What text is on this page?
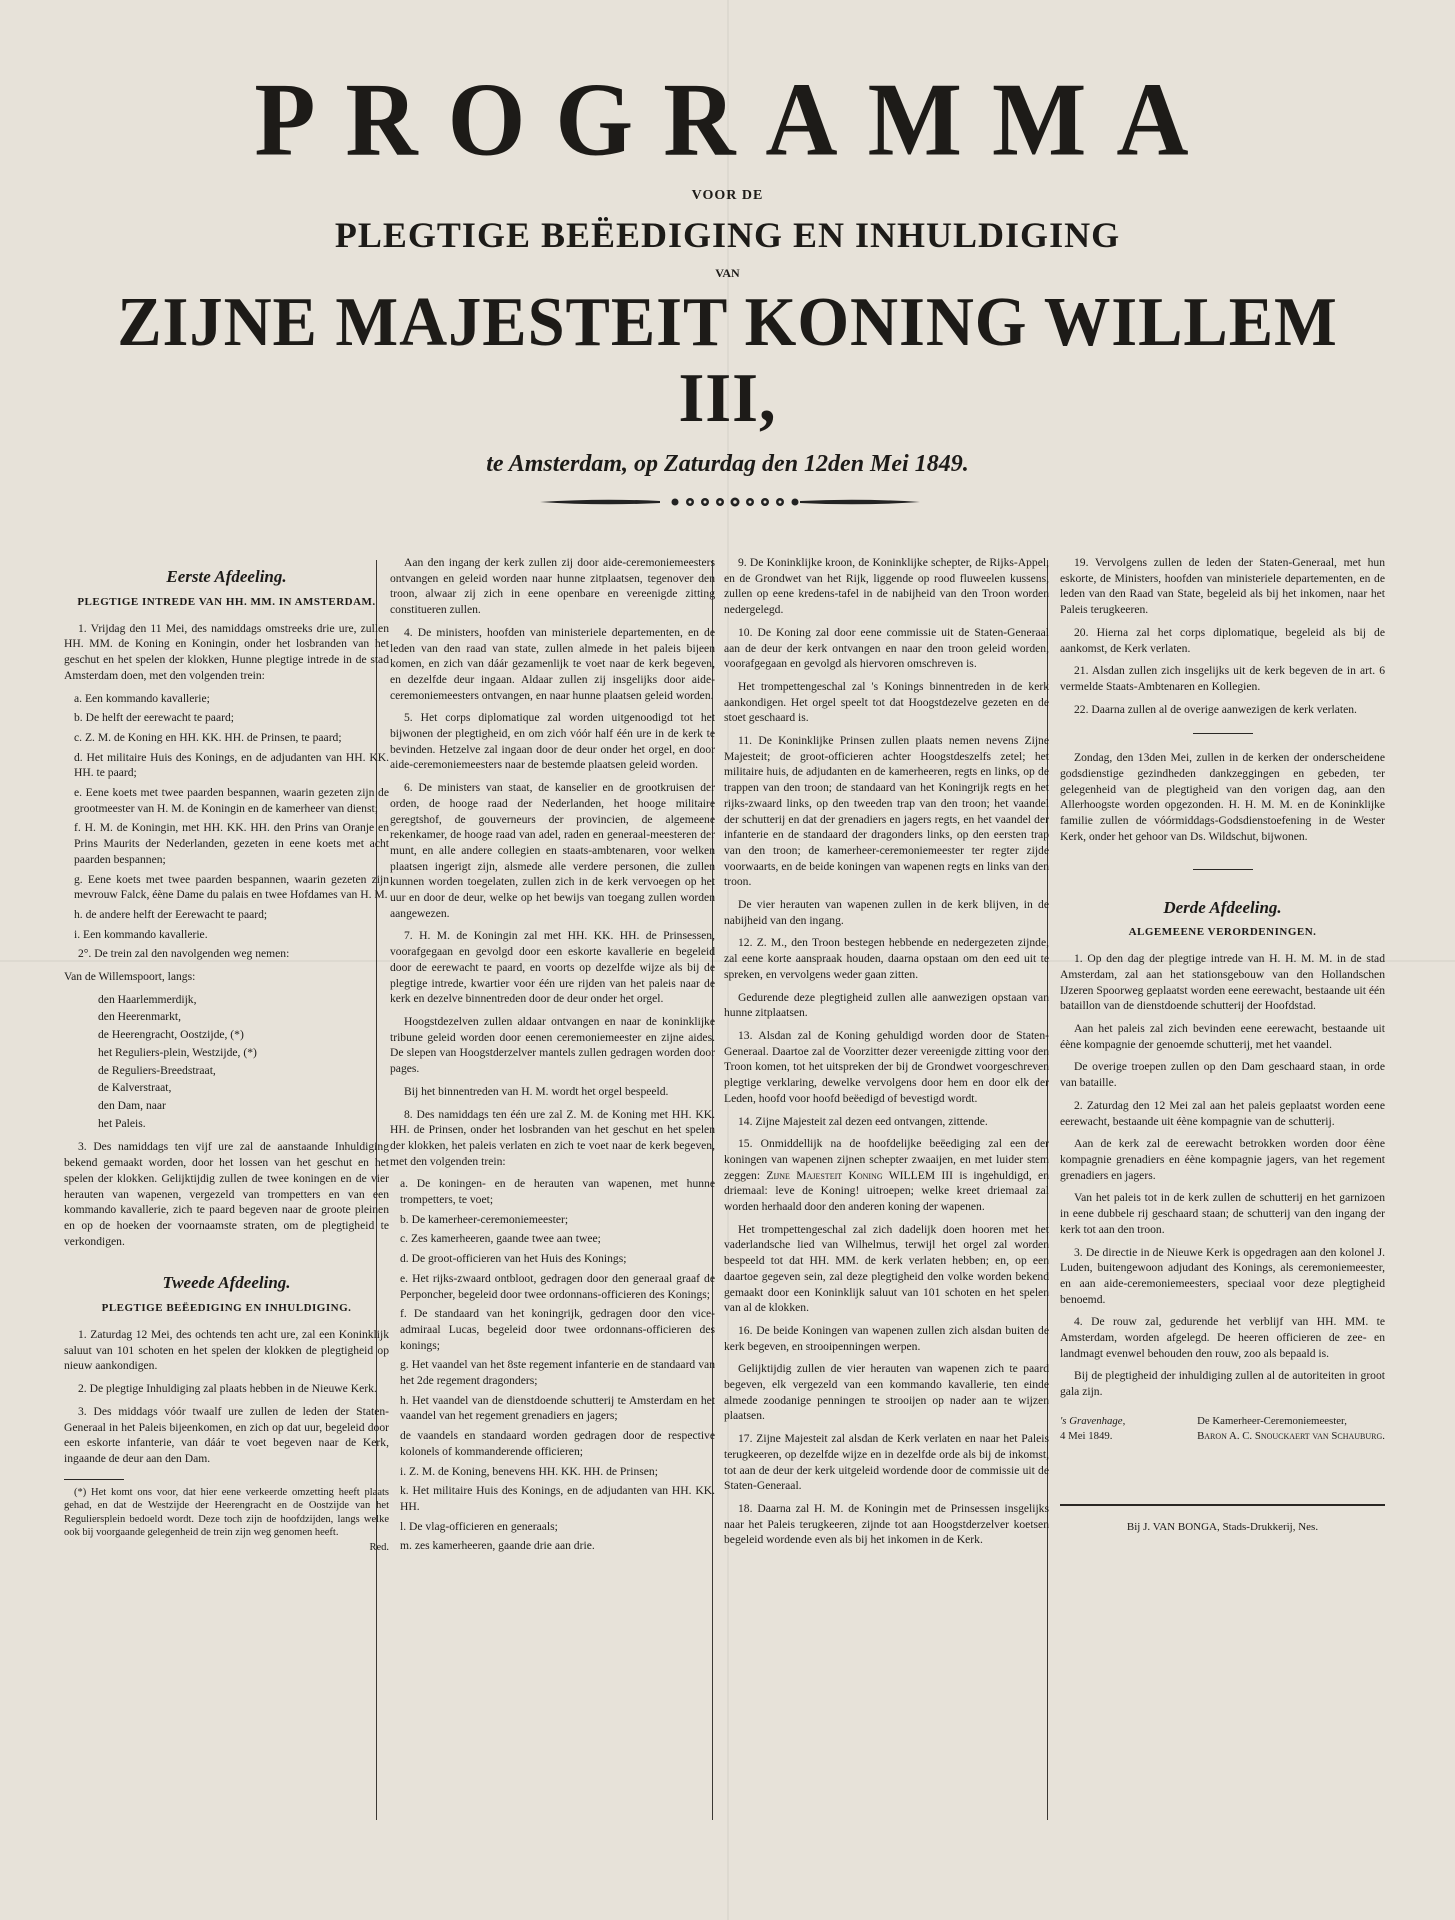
PROGRAMMA
VOOR DE
PLEGTIGE BEËEDIGING EN INHULDIGING
VAN
ZIJNE MAJESTEIT KONING WILLEM III,
te Amsterdam, op Zaturdag den 12den Mei 1849.
Eerste Afdeeling.
PLEGTIGE INTREDE VAN HH. MM. IN AMSTERDAM.

1. Vrijdag den 11 Mei, des namiddags omstreeks drie ure, zullen HH. MM. de Koning en Koningin, onder het losbranden van het geschut en het spelen der klokken, Hunne plegtige intrede in de stad Amsterdam doen, met den volgenden trein:

a. Een kommando kavallerie;
b. De helft der eerewacht te paard;
c. Z. M. de Koning en HH. KK. HH. de Prinsen, te paard;
d. Het militaire Huis des Konings, en de adjudanten van HH. KK. HH. te paard;
e. Eene koets met twee paarden bespannen, waarin gezeten zijn de grootmeester van H. M. de Koningin en de kamerheer van dienst;
f. H. M. de Koningin, met HH. KK. HH. den Prins van Oranje en Prins Maurits der Nederlanden, gezeten in eene koets met acht paarden bespannen;
g. Eene koets met twee paarden bespannen, waarin gezeten zijn mevrouw Falck, éène Dame du palais en twee Hofdames van H. M.
h. de andere helft der Eerewacht te paard;
i. Een kommando kavallerie.

2°. De trein zal den navolgenden weg nemen:

Van de Willemspoort, langs:

den Haarlemmerdijk,
den Heerenmarkt,
de Heerengracht, Oostzijde, (*)
het Reguliers-plein, Westzijde, (*)
de Reguliers-Breedstraat,
de Kalverstraat,
den Dam, naar
het Paleis.

3. Des namiddags ten vijf ure zal de aanstaande Inhuldiging bekend gemaakt worden, door het lossen van het geschut en het spelen der klokken. Gelijktijdig zullen de twee koningen en de vier herauten van wapenen, vergezeld van trompetters en van een kommando kavallerie, zich te paard begeven naar de groote pleinen en op de hoeken der voornaamste straten, om de plegtigheid te verkondigen.

Tweede Afdeeling.
PLEGTIGE BEËEDIGING EN INHULDIGING.

1. Zaturdag 12 Mei, des ochtends ten acht ure, zal een Koninklijk saluut van 101 schoten en het spelen der klokken de plegtigheid op nieuw aankondigen.

2. De plegtige Inhuldiging zal plaats hebben in de Nieuwe Kerk.

3. Des middags vóór twaalf ure zullen de leden der Staten-Generaal in het Paleis bijeenkomen, en zich op dat uur, begeleid door een eskorte infanterie, van dáár te voet begeven naar de Kerk, ingaande de deur aan den Dam.

(*) Het komt ons voor, dat hier eene verkeerde omzetting heeft plaats gehad, en dat de Westzijde der Heerengracht en de Oostzijde van het Reguliersplein bedoeld wordt. Deze toch zijn de hoofdzijden, langs welke ook bij voorgaande gelegenheid de trein zijn weg genomen heeft.

Red.

Aan den ingang der kerk zullen zij door aide-ceremoniemeesters ontvangen en geleid worden naar hunne zitplaatsen, tegenover den troon, alwaar zij zich in eene openbare en vereenigde zitting constitueren zullen.

4. De ministers, hoofden van ministeriele departementen, en de leden van den raad van state, zullen almede in het paleis bijeen komen, en zich van dáár gezamenlijk te voet naar de kerk begeven, en dezelfde deur ingaan. Aldaar zullen zij insgelijks door aide-ceremoniemeesters ontvangen, en naar hunne plaatsen geleid worden.

5. Het corps diplomatique zal worden uitgenoodigd tot het bijwonen der plegtigheid, en om zich vóór half één ure in de kerk te bevinden. Hetzelve zal ingaan door de deur onder het orgel, en door aide-ceremoniemeesters naar de bestemde plaatsen geleid worden.

6. De ministers van staat, de kanselier en de grootkruisen der orden, de hooge raad der Nederlanden, het hooge militaire geregtshof, de gouverneurs der provincien, de algemeene rekenkamer, de hooge raad van adel, raden en generaal-meesteren der munt, en alle andere collegien en staats-ambtenaren, voor welken plaatsen ingerigt zijn, alsmede alle verdere personen, die zullen kunnen worden toegelaten, zullen zich in de kerk vervoegen op het uur en door de deur, welke op het bewijs van toegang zullen worden aangewezen.

7. H. M. de Koningin zal met HH. KK. HH. de Prinsessen, voorafgegaan en gevolgd door een eskorte kavallerie en begeleid door de eerewacht te paard, en voorts op dezelfde wijze als bij de plegtige intrede, kwartier voor één ure rijden van het paleis naar de kerk en dezelve binnentreden door de deur onder het orgel.

Hoogstdezelven zullen aldaar ontvangen en naar de koninklijke tribune geleid worden door eenen ceremoniemeester en zijne aides. De slepen van Hoogstderzelver mantels zullen gedragen worden door pages.

Bij het binnentreden van H. M. wordt het orgel bespeeld.

8. Des namiddags ten één ure zal Z. M. de Koning met HH. KK. HH. de Prinsen, onder het losbranden van het geschut en het spelen der klokken, het paleis verlaten en zich te voet naar de kerk begeven, met den volgenden trein:

a. De koningen- en de herauten van wapenen, met hunne trompetters, te voet;
b. De kamerheer-ceremoniemeester;
c. Zes kamerheeren, gaande twee aan twee;
d. De groot-officieren van het Huis des Konings;
e. Het rijks-zwaard ontbloot, gedragen door den generaal graaf de Perponcher, begeleid door twee ordonnans-officieren des Konings;
f. De standaard van het koningrijk, gedragen door den vice-admiraal Lucas, begeleid door twee ordonnans-officieren des konings;
g. Het vaandel van het 8ste regement infanterie en de standaard van het 2de regement dragonders;
h. Het vaandel van de dienstdoende schutterij te Amsterdam en het vaandel van het regement grenadiers en jagers;
de vaandels en standaard worden gedragen door de respective kolonels of kommanderende officieren;
i. Z. M. de Koning, benevens HH. KK. HH. de Prinsen;
k. Het militaire Huis des Konings, en de adjudanten van HH. KK. HH.
l. De vlag-officieren en generaals;
m. zes kamerheeren, gaande drie aan drie.

9. De Koninklijke kroon, de Koninklijke schepter, de Rijks-Appel, en de Grondwet van het Rijk, liggende op rood fluweelen kussens, zullen op eene kredens-tafel in de nabijheid van den Troon worden nedergelegd.

10. De Koning zal door eene commissie uit de Staten-Generaal aan de deur der kerk ontvangen en naar den troon geleid worden, voorafgegaan en gevolgd als hiervoren omschreven is.

Het trompettengeschal zal 's Konings binnentreden in de kerk aankondigen. Het orgel speelt tot dat Hoogstdezelve gezeten en de stoet geschaard is.

11. De Koninklijke Prinsen zullen plaats nemen nevens Zijne Majesteit; de groot-officieren achter Hoogstdeszelfs zetel; het militaire huis, de adjudanten en de kamerheeren, regts en links, op de trappen van den troon; de standaard van het Koningrijk regts en het rijks-zwaard links, op den tweeden trap van den troon; het vaandel der schutterij en dat der grenadiers en jagers regts, en het vaandel der infanterie en de standaard der dragonders links, op den eersten trap van den troon; de kamerheer-ceremoniemeester ter regter zijde voorwaarts, en de beide koningen van wapenen regts en links van den troon.

De vier herauten van wapenen zullen in de kerk blijven, in de nabijheid van den ingang.

12. Z. M., den Troon bestegen hebbende en nedergezeten zijnde, zal eene korte aanspraak houden, daarna opstaan om den eed uit te spreken, en vervolgens weder gaan zitten.

Gedurende deze plegtigheid zullen alle aanwezigen opstaan van hunne zitplaatsen.

13. Alsdan zal de Koning gehuldigd worden door de Staten-Generaal. Daartoe zal de Voorzitter dezer vereenigde zitting voor den Troon komen, tot het uitspreken der bij de Grondwet voorgeschreven plegtige verklaring, dewelke vervolgens door hem en door elk der Leden, hoofd voor hoofd beëedigd of bevestigd wordt.

14. Zijne Majesteit zal dezen eed ontvangen, zittende.

15. Onmiddellijk na de hoofdelijke beëediging zal een der koningen van wapenen zijnen schepter zwaaijen, en met luider stem zeggen: Zijne Majesteit Koning WILLEM III is ingehuldigd, en driemaal: leve de Koning! uitroepen; welke kreet driemaal zal worden herhaald door den anderen koning der wapenen.

Het trompettengeschal zal zich dadelijk doen hooren met het vaderlandsche lied van Wilhelmus, terwijl het orgel zal worden bespeeld tot dat HH. MM. de kerk verlaten hebben; en, op een daartoe gegeven sein, zal deze plegtigheid den volke worden bekend gemaakt door een Koninklijk saluut van 101 schoten en het spelen van al de klokken.

16. De beide Koningen van wapenen zullen zich alsdan buiten de kerk begeven, en strooipenningen werpen.

Gelijktijdig zullen de vier herauten van wapenen zich te paard begeven, elk vergezeld van een kommando kavallerie, ten einde almede zoodanige penningen te strooijen op nader aan te wijzen plaatsen.

17. Zijne Majesteit zal alsdan de Kerk verlaten en naar het Paleis terugkeeren, op dezelfde wijze en in dezelfde orde als bij de inkomst, tot aan de deur der kerk uitgeleid wordende door de commissie uit de Staten-Generaal.

18. Daarna zal H. M. de Koningin met de Prinsessen insgelijks naar het Paleis terugkeeren, zijnde tot aan Hoogstderzelver koetsen begeleid wordende even als bij het inkomen in de Kerk.

19. Vervolgens zullen de leden der Staten-Generaal, met hun eskorte, de Ministers, hoofden van ministeriele departementen, en de leden van den Raad van State, begeleid als bij het inkomen, naar het Paleis terugkeeren.

20. Hierna zal het corps diplomatique, begeleid als bij de aankomst, de Kerk verlaten.

21. Alsdan zullen zich insgelijks uit de kerk begeven de in art. 6 vermelde Staats-Ambtenaren en Kollegien.

22. Daarna zullen al de overige aanwezigen de kerk verlaten.

Zondag, den 13den Mei, zullen in de kerken der onderscheidene godsdienstige gezindheden dankzeggingen en gebeden, ter gelegenheid van de plegtigheid van den vorigen dag, aan den Allerhoogste worden opgezonden. H. H. M. M. en de Koninklijke familie zullen de vóórmiddags-Godsdienstoefening in de Wester Kerk, onder het gehoor van Ds. Wildschut, bijwonen.

Derde Afdeeling.
ALGEMEENE VERORDENINGEN.

1. Op den dag der plegtige intrede van H. H. M. M. in de stad Amsterdam, zal aan het stationsgebouw van den Hollandschen IJzeren Spoorweg geplaatst worden eene eerewacht, bestaande uit één bataillon van de dienstdoende schutterij der Hoofdstad.

Aan het paleis zal zich bevinden eene eerewacht, bestaande uit éène kompagnie der genoemde schutterij, met het vaandel.

De overige troepen zullen op den Dam geschaard staan, in orde van bataille.

2. Zaturdag den 12 Mei zal aan het paleis geplaatst worden eene eerewacht, bestaande uit éène kompagnie van de schutterij.

Aan de kerk zal de eerewacht betrokken worden door éène kompagnie grenadiers en éène kompagnie jagers, van het regement grenadiers en jagers.

Van het paleis tot in de kerk zullen de schutterij en het garnizoen in eene dubbele rij geschaard staan; de schutterij van den ingang der kerk tot aan den troon.

3. De directie in de Nieuwe Kerk is opgedragen aan den kolonel J. Luden, buitengewoon adjudant des Konings, als ceremoniemeester, en aan aide-ceremoniemeesters, speciaal voor deze plegtigheid benoemd.

4. De rouw zal, gedurende het verblijf van HH. MM. te Amsterdam, worden afgelegd. De heeren officieren de zee- en landmagt evenwel behouden den rouw, zoo als bepaald is.

Bij de plegtigheid der inhuldiging zullen al de autoriteiten in groot gala zijn.

's Gravenhage,
4 Mei 1849.
De Kamerheer-Ceremoniemeester,
Baron A. C. Snouckaert van Schauburg.
Bij J. VAN BONGA, Stads-Drukkerij, Nes.
